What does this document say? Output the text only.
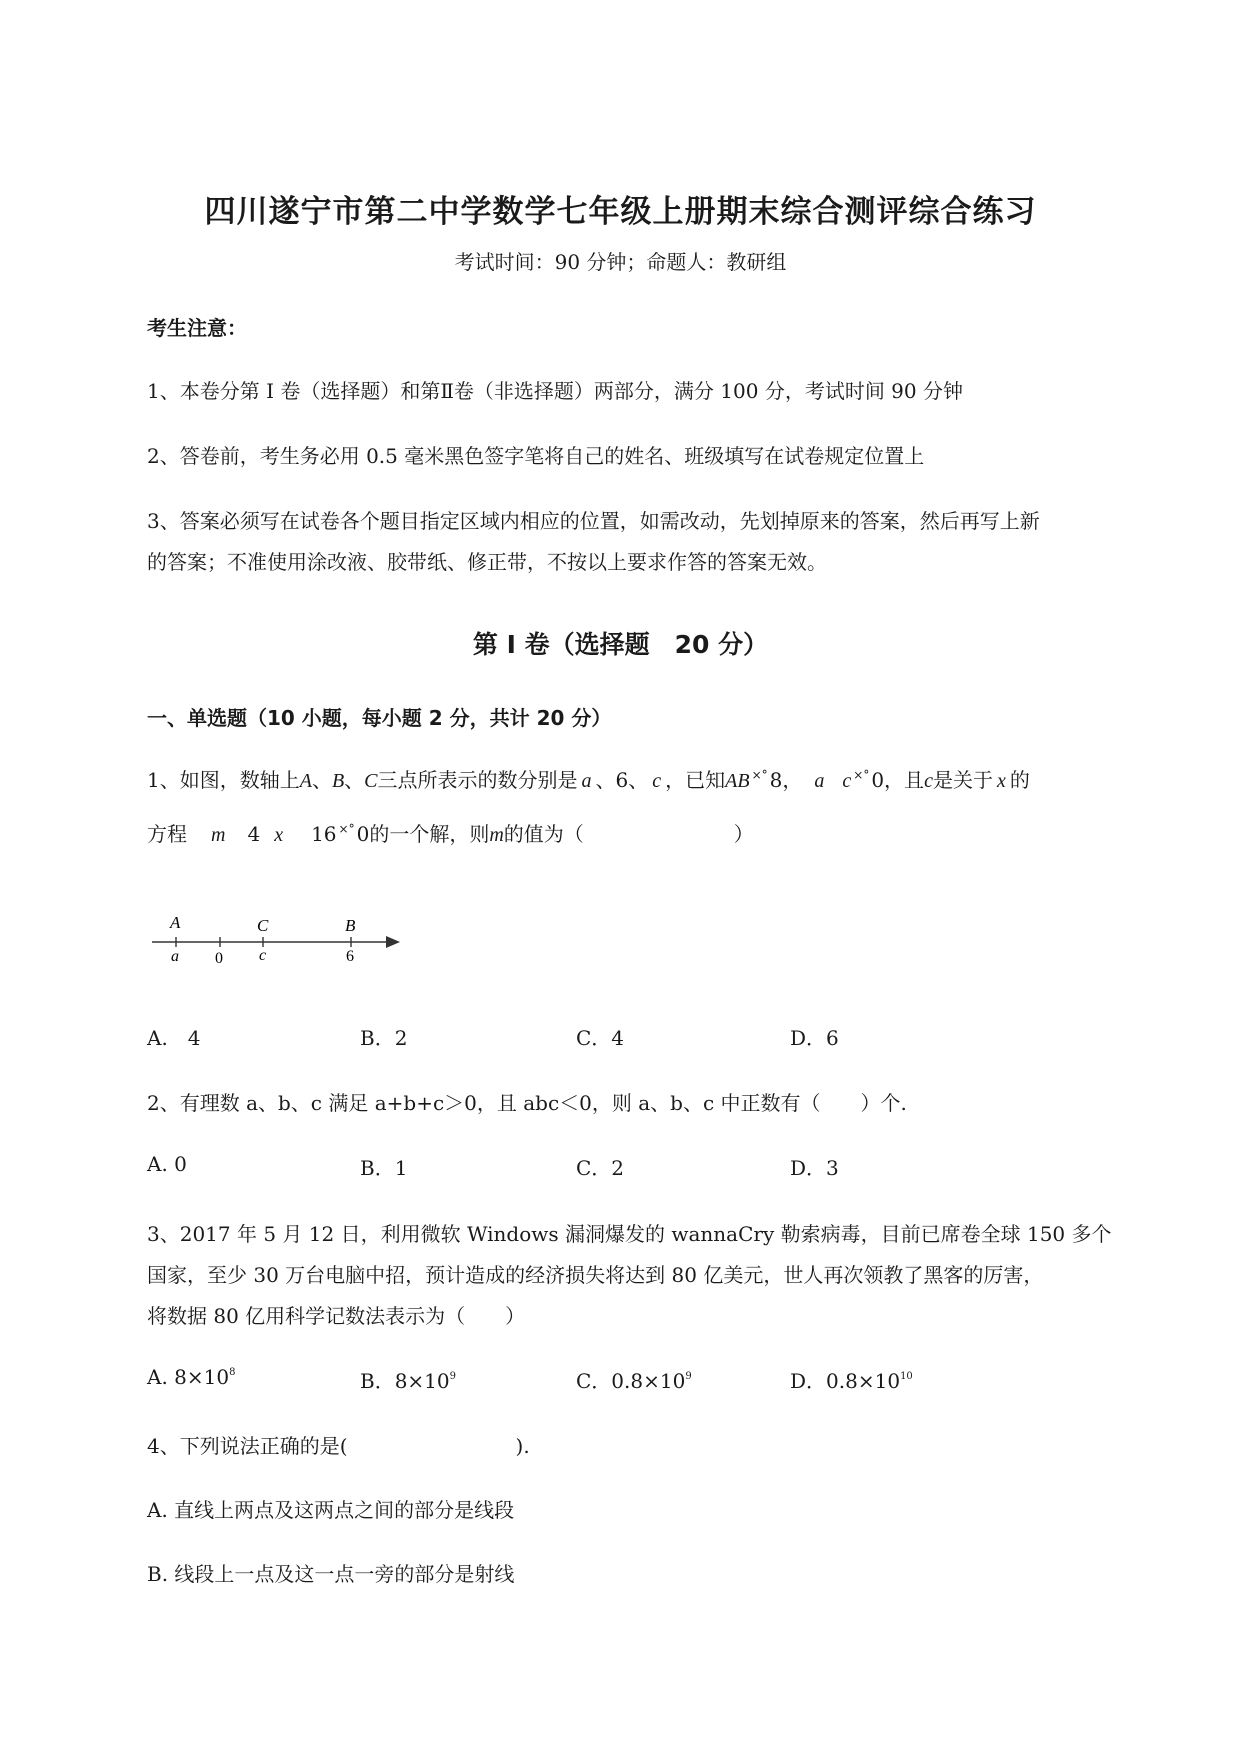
四川遂宁市第二中学数学七年级上册期末综合测评综合练习
考试时间：90 分钟；命题人：教研组
考生注意：
1、本卷分第 I 卷（选择题）和第Ⅱ卷（非选择题）两部分，满分 100 分，考试时间 90 分钟
2、答卷前，考生务必用 0.5 毫米黑色签字笔将自己的姓名、班级填写在试卷规定位置上
3、答案必须写在试卷各个题目指定区域内相应的位置，如需改动，先划掉原来的答案，然后再写上新
的答案；不准使用涂改液、胶带纸、修正带，不按以上要求作答的答案无效。
第 I 卷（选择题　20 分）
一、单选题（10 小题，每小题 2 分，共计 20 分）
1、如图，数轴上A、B、C三点所表示的数分别是 a 、6、 c ，已知AB ×° 8， a c ×° 0，且c是关于 x 的
方程 m 4 x 16 ×° 0的一个解，则m的值为（	）
A	C	B
a 0 c	6
A.　4	B．2	C．4	D．6
2、有理数 a、b、c 满足 a+b+c＞0，且 abc＜0，则 a、b、c 中正数有（　　）个.
A. 0	B．1	C．2	D．3
3、2017 年 5 月 12 日，利用微软 Windows 漏洞爆发的 wannaCry 勒索病毒，目前已席卷全球 150 多个
国家，至少 30 万台电脑中招，预计造成的经济损失将达到 80 亿美元，世人再次领教了黑客的厉害，
将数据 80 亿用科学记数法表示为（　　）
A. $8\times 10^8$	B．$8\times 10^9$	C．$0.8\times 10^9$	D．$0.8\times 10^{10}$
4、下列说法正确的是(	).
A. 直线上两点及这两点之间的部分是线段
B. 线段上一点及这一点一旁的部分是射线
